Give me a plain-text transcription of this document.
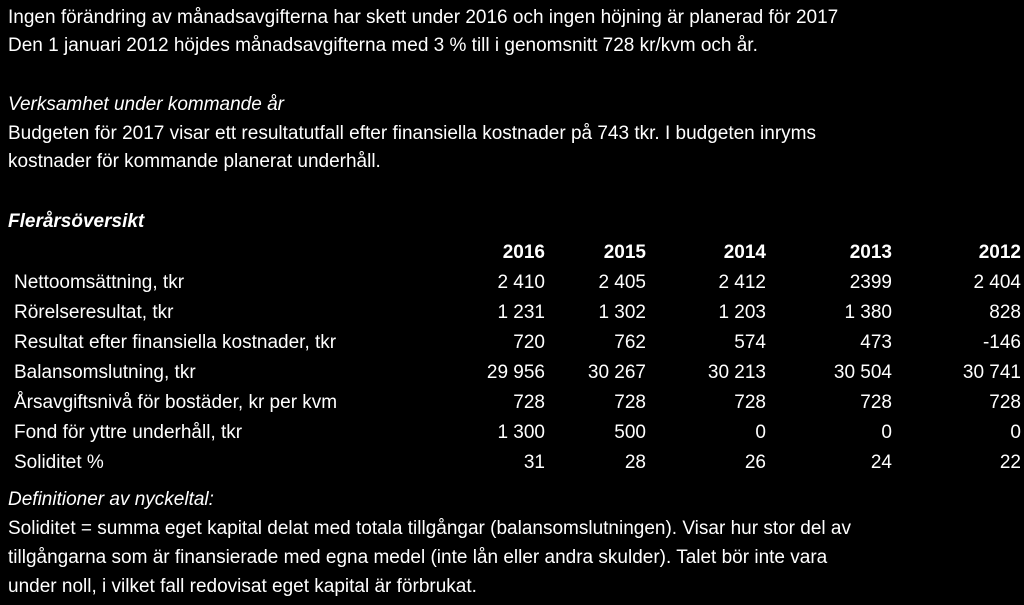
Ingen förändring av månadsavgifterna har skett under 2016 och ingen höjning är planerad för 2017
Den 1 januari 2012 höjdes månadsavgifterna med 3 % till i genomsnitt 728 kr/kvm och år.
Verksamhet under kommande år
Budgeten för 2017 visar ett resultatutfall efter finansiella kostnader på 743 tkr. I budgeten inryms
kostnader för kommande planerat underhåll.
Flerårsöversikt
2016	2015	2014	2013	2012
Nettoomsättning, tkr	2 410	2 405	2 412	2399	2 404
Rörelseresultat, tkr	1 231	1 302	1 203	1 380	828
Resultat efter finansiella kostnader, tkr	720	762	574	473	-146
Balansomslutning, tkr	29 956	30 267	30 213	30 504	30 741
Årsavgiftsnivå för bostäder, kr per kvm	728	728	728	728	728
Fond för yttre underhåll, tkr	1 300	500	0	0	0
Soliditet %	31	28	26	24	22
Definitioner av nyckeltal:
Soliditet = summa eget kapital delat med totala tillgångar (balansomslutningen). Visar hur stor del av
tillgångarna som är finansierade med egna medel (inte lån eller andra skulder). Talet bör inte vara
under noll, i vilket fall redovisat eget kapital är förbrukat.
